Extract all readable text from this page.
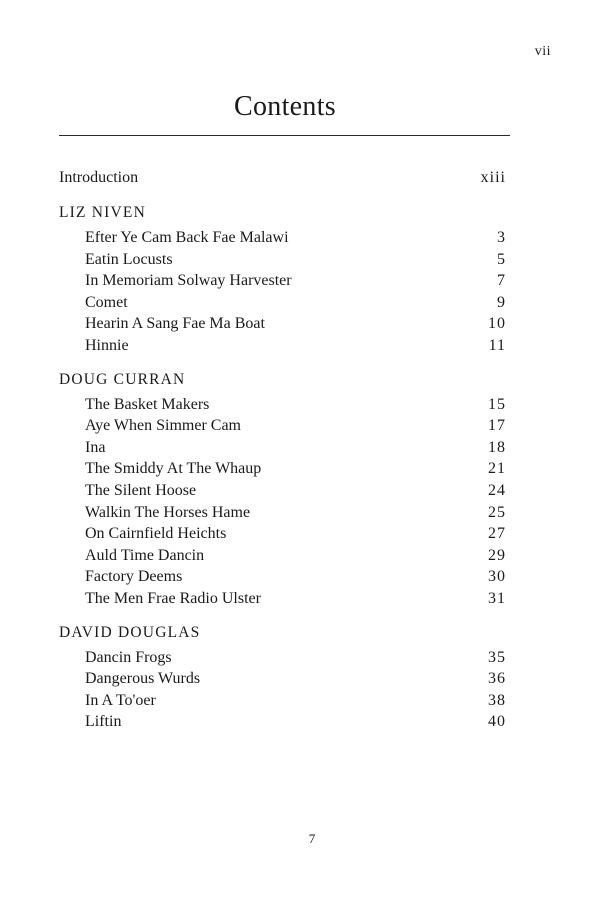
vii
Contents
Introduction	xiii
LIZ NIVEN
Efter Ye Cam Back Fae Malawi	3
Eatin Locusts	5
In Memoriam Solway Harvester	7
Comet	9
Hearin A Sang Fae Ma Boat	10
Hinnie	11
DOUG CURRAN
The Basket Makers	15
Aye When Simmer Cam	17
Ina	18
The Smiddy At The Whaup	21
The Silent Hoose	24
Walkin The Horses Hame	25
On Cairnfield Heichts	27
Auld Time Dancin	29
Factory Deems	30
The Men Frae Radio Ulster	31
DAVID DOUGLAS
Dancin Frogs	35
Dangerous Wurds	36
In A To'oer	38
Liftin	40
7
